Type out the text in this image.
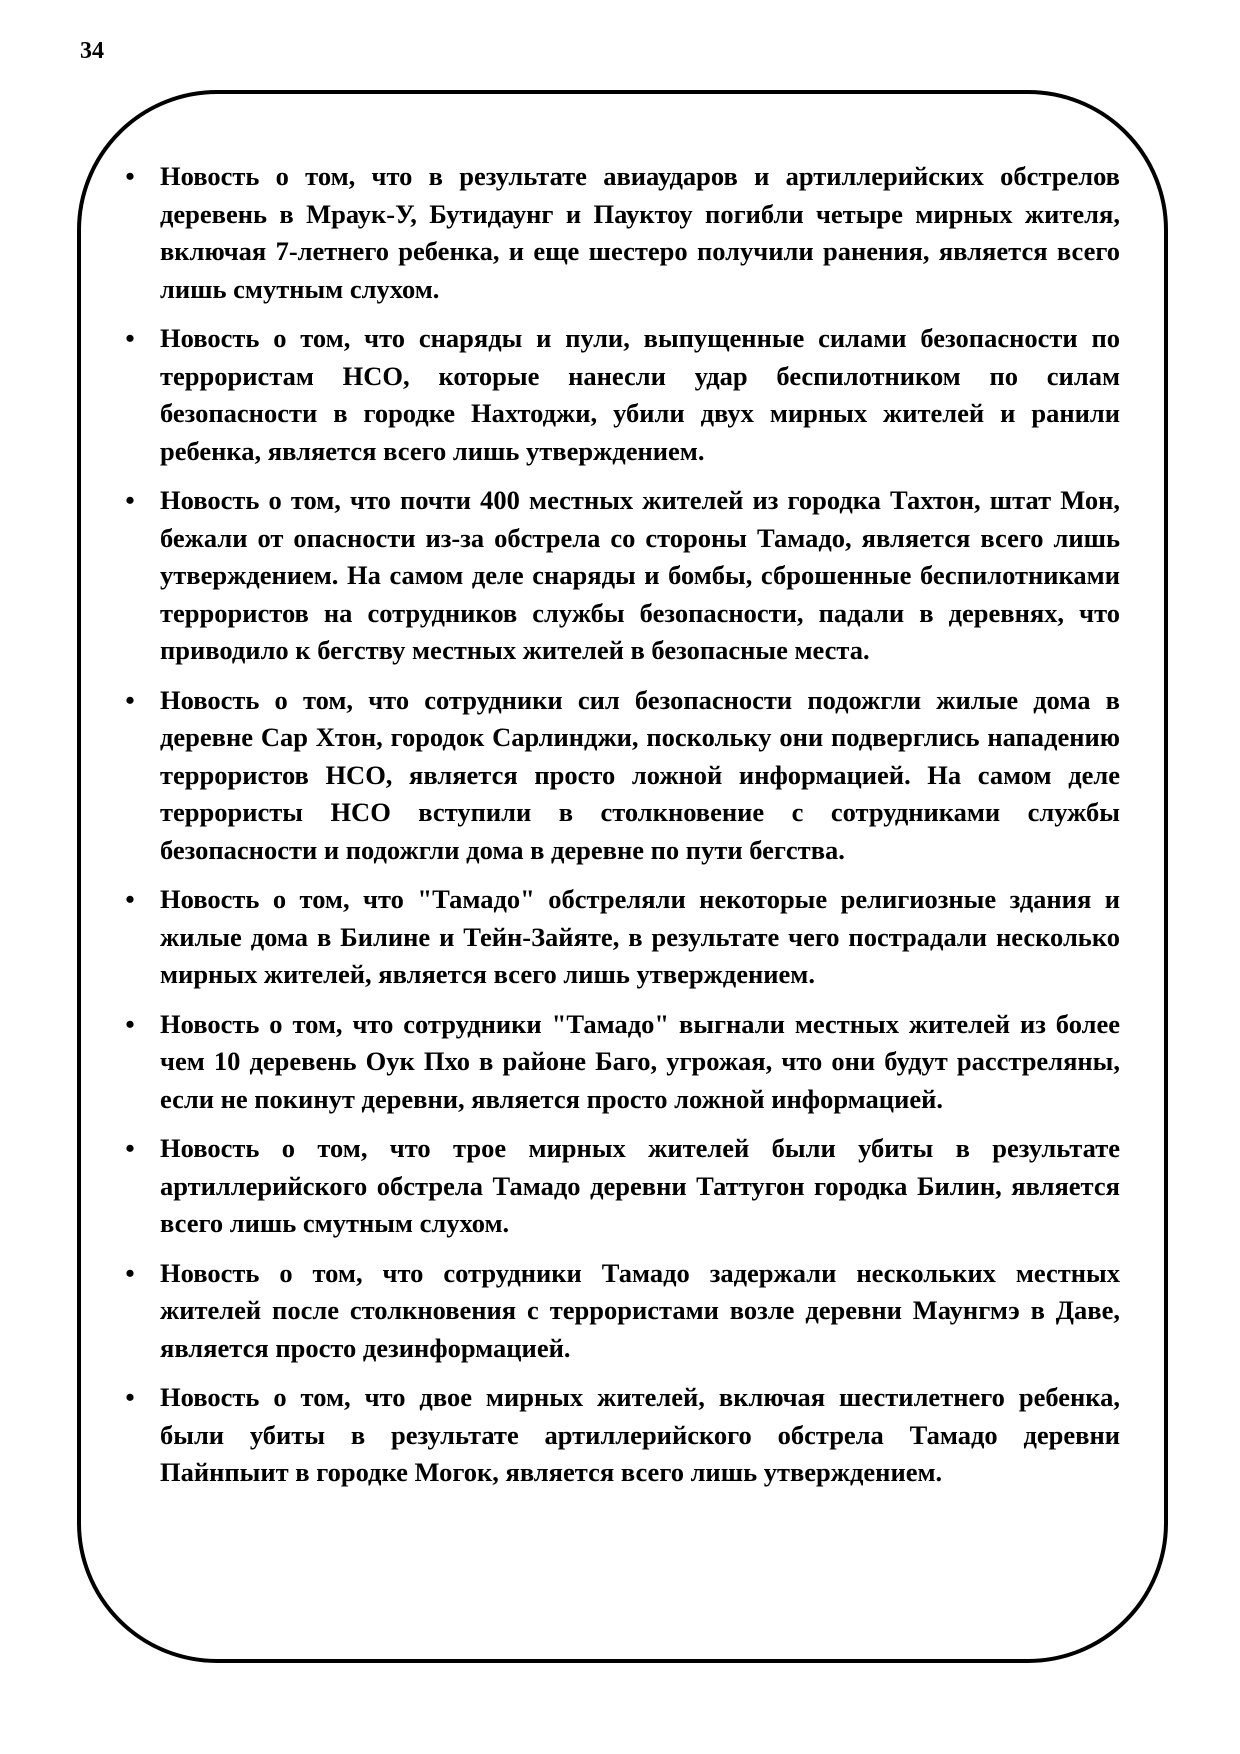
34
• Новость о том, что в результате авиаударов и артиллерийских обстрелов деревень в Мраук-У, Бутидаунг и Пауктоу погибли четыре мирных жителя, включая 7-летнего ребенка, и еще шестеро получили ранения, является всего лишь смутным слухом.
• Новость о том, что снаряды и пули, выпущенные силами безопасности по террористам НСО, которые нанесли удар беспилотником по силам безопасности в городке Нахтоджи, убили двух мирных жителей и ранили ребенка, является всего лишь утверждением.
• Новость о том, что почти 400 местных жителей из городка Тахтон, штат Мон, бежали от опасности из-за обстрела со стороны Тамадо, является всего лишь утверждением. На самом деле снаряды и бомбы, сброшенные беспилотниками террористов на сотрудников службы безопасности, падали в деревнях, что приводило к бегству местных жителей в безопасные места.
• Новость о том, что сотрудники сил безопасности подожгли жилые дома в деревне Сар Хтон, городок Сарлинджи, поскольку они подверглись нападению террористов НСО, является просто ложной информацией. На самом деле террористы НСО вступили в столкновение с сотрудниками службы безопасности и подожгли дома в деревне по пути бегства.
• Новость о том, что "Тамадо" обстреляли некоторые религиозные здания и жилые дома в Билине и Тейн-Зайяте, в результате чего пострадали несколько мирных жителей, является всего лишь утверждением.
• Новость о том, что сотрудники "Тамадо" выгнали местных жителей из более чем 10 деревень Оук Пхо в районе Баго, угрожая, что они будут расстреляны, если не покинут деревни, является просто ложной информацией.
• Новость о том, что трое мирных жителей были убиты в результате артиллерийского обстрела Тамадо деревни Таттугон городка Билин, является всего лишь смутным слухом.
• Новость о том, что сотрудники Тамадо задержали нескольких местных жителей после столкновения с террористами возле деревни Маунгмэ в Даве, является просто дезинформацией.
• Новость о том, что двое мирных жителей, включая шестилетнего ребенка, были убиты в результате артиллерийского обстрела Тамадо деревни Пайнпыит в городке Могок, является всего лишь утверждением.
